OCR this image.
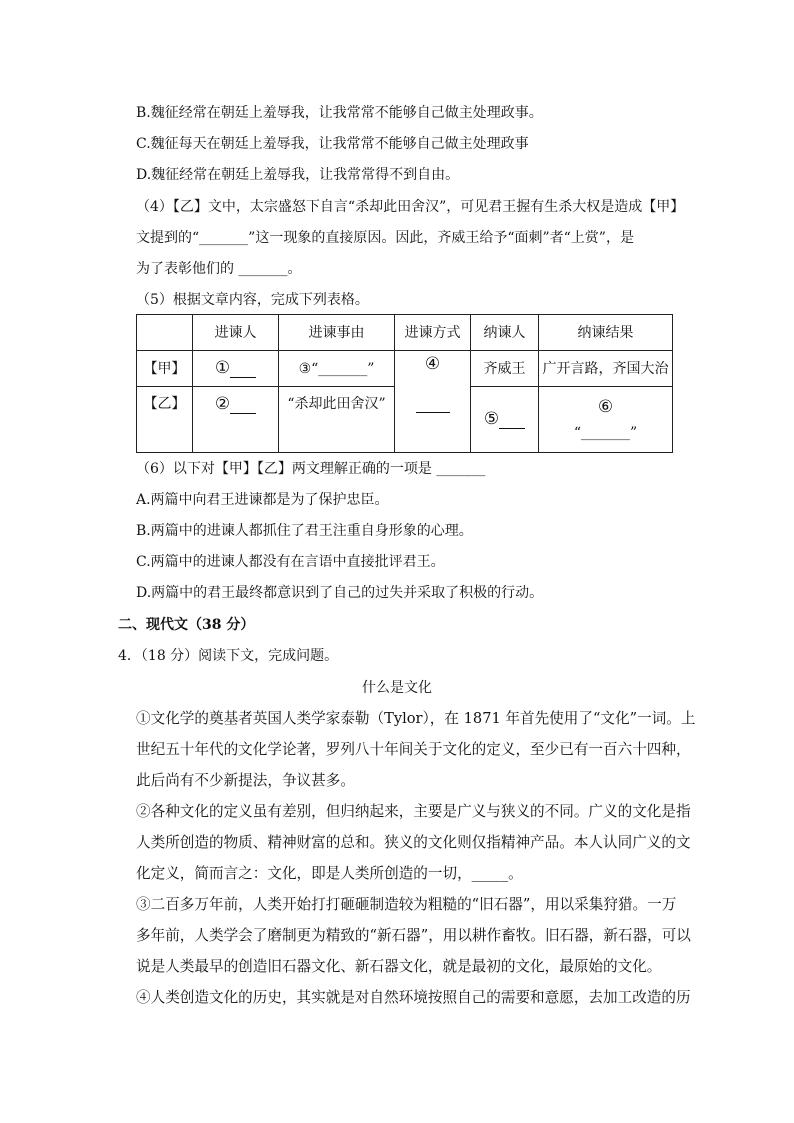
B.魏征经常在朝廷上羞辱我，让我常常不能够自己做主处理政事。
C.魏征每天在朝廷上羞辱我，让我常常不能够自己做主处理政事
D.魏征经常在朝廷上羞辱我，让我常常得不到自由。
（4）【乙】文中，太宗盛怒下自言“杀却此田舍汉”，可见君王握有生杀大权是造成【甲】
文提到的“_______”这一现象的直接原因。因此，齐威王给予“面刺”者“上赏”，是
为了表彰他们的 _______。
（5）根据文章内容，完成下列表格。
	进谏人	进谏事由	进谏方式	纳谏人	纳谏结果
【甲】	①	③“_______”	④	齐威王	广开言路，齐国大治
【乙】	②	“杀却此田舍汉”		⑤	⑥
“_______”
（6）以下对【甲】【乙】两文理解正确的一项是 _______
A.两篇中向君王进谏都是为了保护忠臣。
B.两篇中的进谏人都抓住了君王注重自身形象的心理。
C.两篇中的进谏人都没有在言语中直接批评君王。
D.两篇中的君王最终都意识到了自己的过失并采取了积极的行动。
二、现代文（38 分）
4．（18 分）阅读下文，完成问题。
什么是文化
①文化学的奠基者英国人类学家泰勒（Tylor），在 1871 年首先使用了“文化”一词。上
世纪五十年代的文化学论著，罗列八十年间关于文化的定义，至少已有一百六十四种，
此后尚有不少新提法，争议甚多。
②各种文化的定义虽有差别，但归纳起来，主要是广义与狭义的不同。广义的文化是指
人类所创造的物质、精神财富的总和。狭义的文化则仅指精神产品。本人认同广义的文
化定义，简而言之：文化，即是人类所创造的一切，_____。
③二百多万年前，人类开始打打砸砸制造较为粗糙的“旧石器”，用以采集狩猎。一万
多年前，人类学会了磨制更为精致的“新石器”，用以耕作畜牧。旧石器，新石器，可以
说是人类最早的创造旧石器文化、新石器文化，就是最初的文化，最原始的文化。
④人类创造文化的历史，其实就是对自然环境按照自己的需要和意愿，去加工改造的历
